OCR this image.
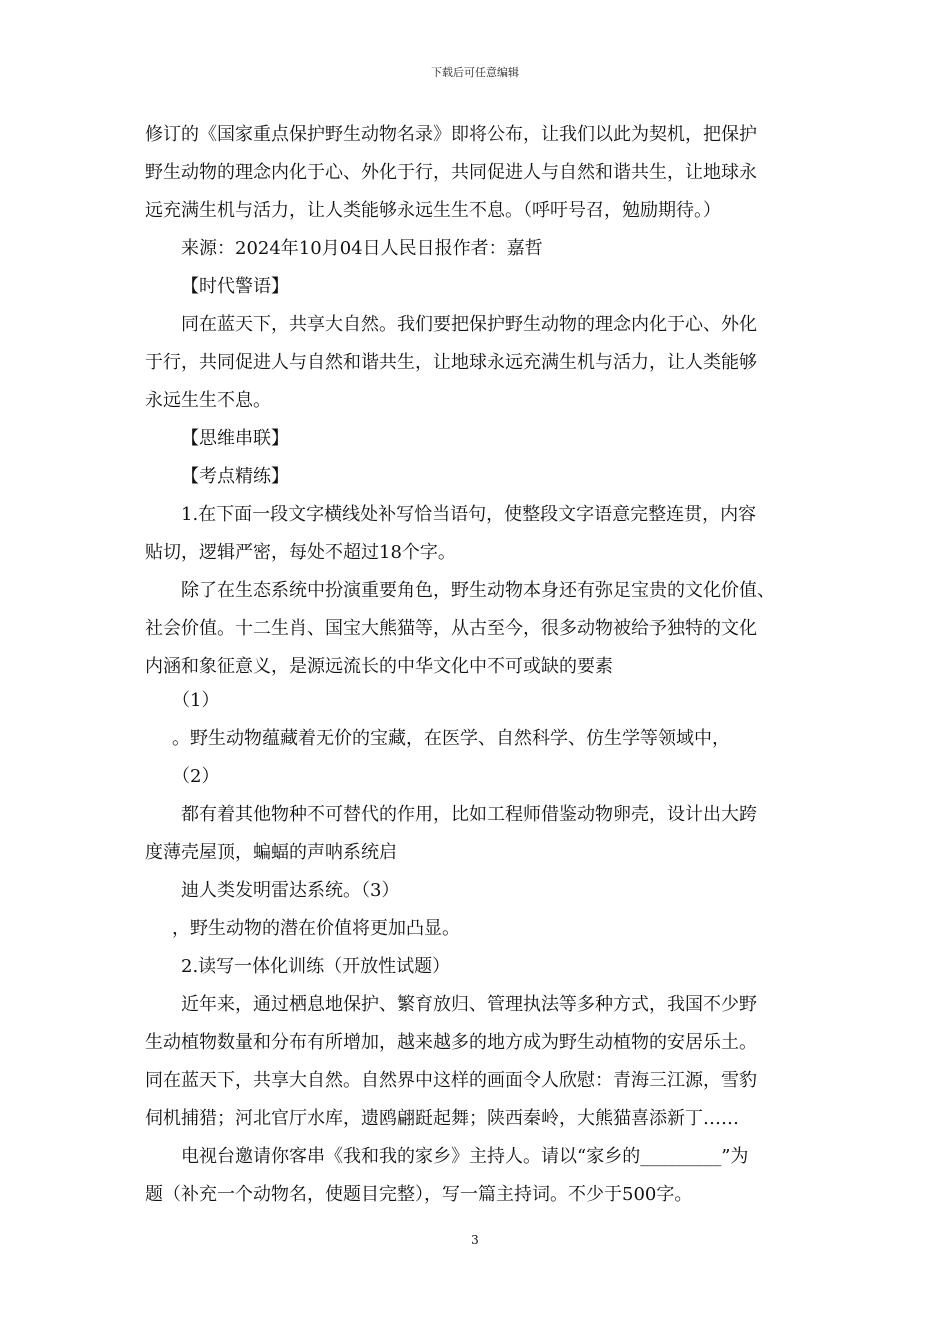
下载后可任意编辑
修订的《国家重点保护野生动物名录》即将公布，让我们以此为契机，把保护
野生动物的理念内化于心、外化于行，共同促进人与自然和谐共生，让地球永
远充满生机与活力，让人类能够永远生生不息。（呼吁号召，勉励期待。）
来源：2024年10月04日人民日报作者：嘉哲
【时代警语】
同在蓝天下，共享大自然。我们要把保护野生动物的理念内化于心、外化
于行，共同促进人与自然和谐共生，让地球永远充满生机与活力，让人类能够
永远生生不息。
【思维串联】
【考点精练】
1.在下面一段文字横线处补写恰当语句，使整段文字语意完整连贯，内容
贴切，逻辑严密，每处不超过18个字。
除了在生态系统中扮演重要角色，野生动物本身还有弥足宝贵的文化价值、
社会价值。十二生肖、国宝大熊猫等，从古至今，很多动物被给予独特的文化
内涵和象征意义，是源远流长的中华文化中不可或缺的要素
（1）
。野生动物蕴藏着无价的宝藏，在医学、自然科学、仿生学等领域中，
（2）
都有着其他物种不可替代的作用，比如工程师借鉴动物卵壳，设计出大跨
度薄壳屋顶，蝙蝠的声呐系统启
迪人类发明雷达系统。（3）
，野生动物的潜在价值将更加凸显。
2.读写一体化训练（开放性试题）
近年来，通过栖息地保护、繁育放归、管理执法等多种方式，我国不少野
生动植物数量和分布有所增加，越来越多的地方成为野生动植物的安居乐土。
同在蓝天下，共享大自然。自然界中这样的画面令人欣慰：青海三江源，雪豹
伺机捕猎；河北官厅水库，遗鸥翩跹起舞；陕西秦岭，大熊猫喜添新丁……
电视台邀请你客串《我和我的家乡》主持人。请以“家乡的_________”为
题（补充一个动物名，使题目完整），写一篇主持词。不少于500字。
3
